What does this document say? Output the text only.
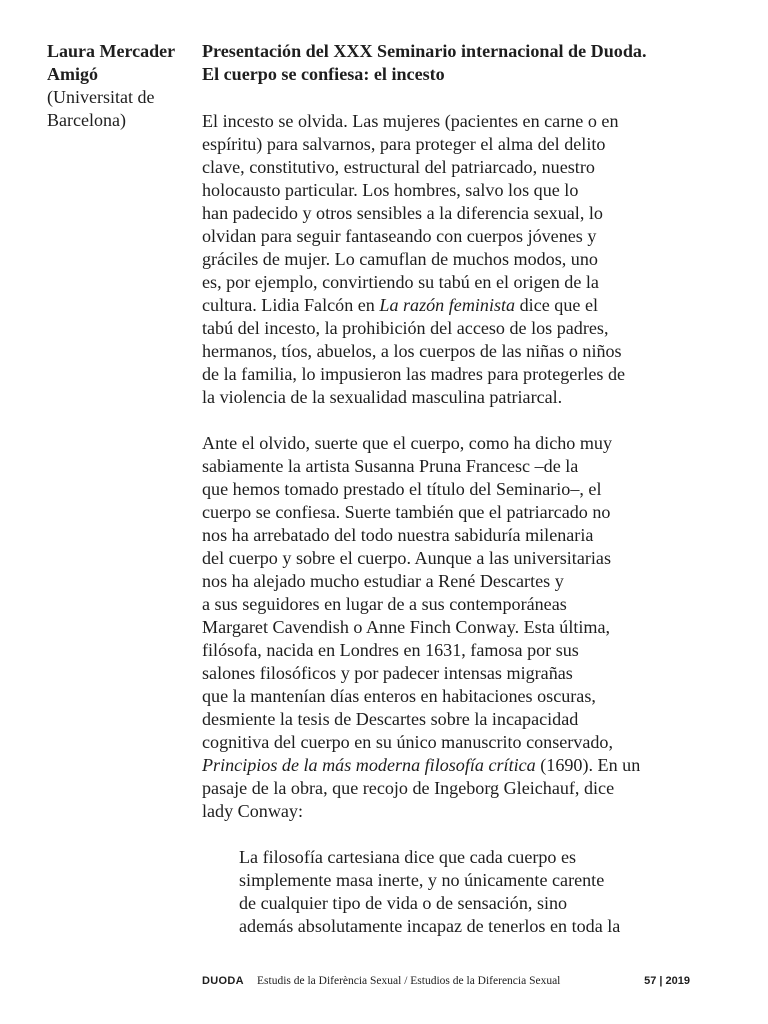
Laura Mercader
Amigó
(Universitat de
Barcelona)
Presentación del XXX Seminario internacional de Duoda.
El cuerpo se confiesa: el incesto
El incesto se olvida. Las mujeres (pacientes en carne o en
espíritu) para salvarnos, para proteger el alma del delito
clave, constitutivo, estructural del patriarcado, nuestro
holocausto particular. Los hombres, salvo los que lo
han padecido y otros sensibles a la diferencia sexual, lo
olvidan para seguir fantaseando con cuerpos jóvenes y
gráciles de mujer. Lo camuflan de muchos modos, uno
es, por ejemplo, convirtiendo su tabú en el origen de la
cultura. Lidia Falcón en La razón feminista dice que el
tabú del incesto, la prohibición del acceso de los padres,
hermanos, tíos, abuelos, a los cuerpos de las niñas o niños
de la familia, lo impusieron las madres para protegerles de
la violencia de la sexualidad masculina patriarcal.
Ante el olvido, suerte que el cuerpo, como ha dicho muy
sabiamente la artista Susanna Pruna Francesc –de la
que hemos tomado prestado el título del Seminario–, el
cuerpo se confiesa. Suerte también que el patriarcado no
nos ha arrebatado del todo nuestra sabiduría milenaria
del cuerpo y sobre el cuerpo. Aunque a las universitarias
nos ha alejado mucho estudiar a René Descartes y
a sus seguidores en lugar de a sus contemporáneas
Margaret Cavendish o Anne Finch Conway. Esta última,
filósofa, nacida en Londres en 1631, famosa por sus
salones filosóficos y por padecer intensas migrañas
que la mantenían días enteros en habitaciones oscuras,
desmiente la tesis de Descartes sobre la incapacidad
cognitiva del cuerpo en su único manuscrito conservado,
Principios de la más moderna filosofía crítica (1690). En un
pasaje de la obra, que recojo de Ingeborg Gleichauf, dice
lady Conway:
La filosofía cartesiana dice que cada cuerpo es
simplemente masa inerte, y no únicamente carente
de cualquier tipo de vida o de sensación, sino
además absolutamente incapaz de tenerlos en toda la
DUODA Estudis de la Diferència Sexual / Estudios de la Diferencia Sexual	57 | 2019
